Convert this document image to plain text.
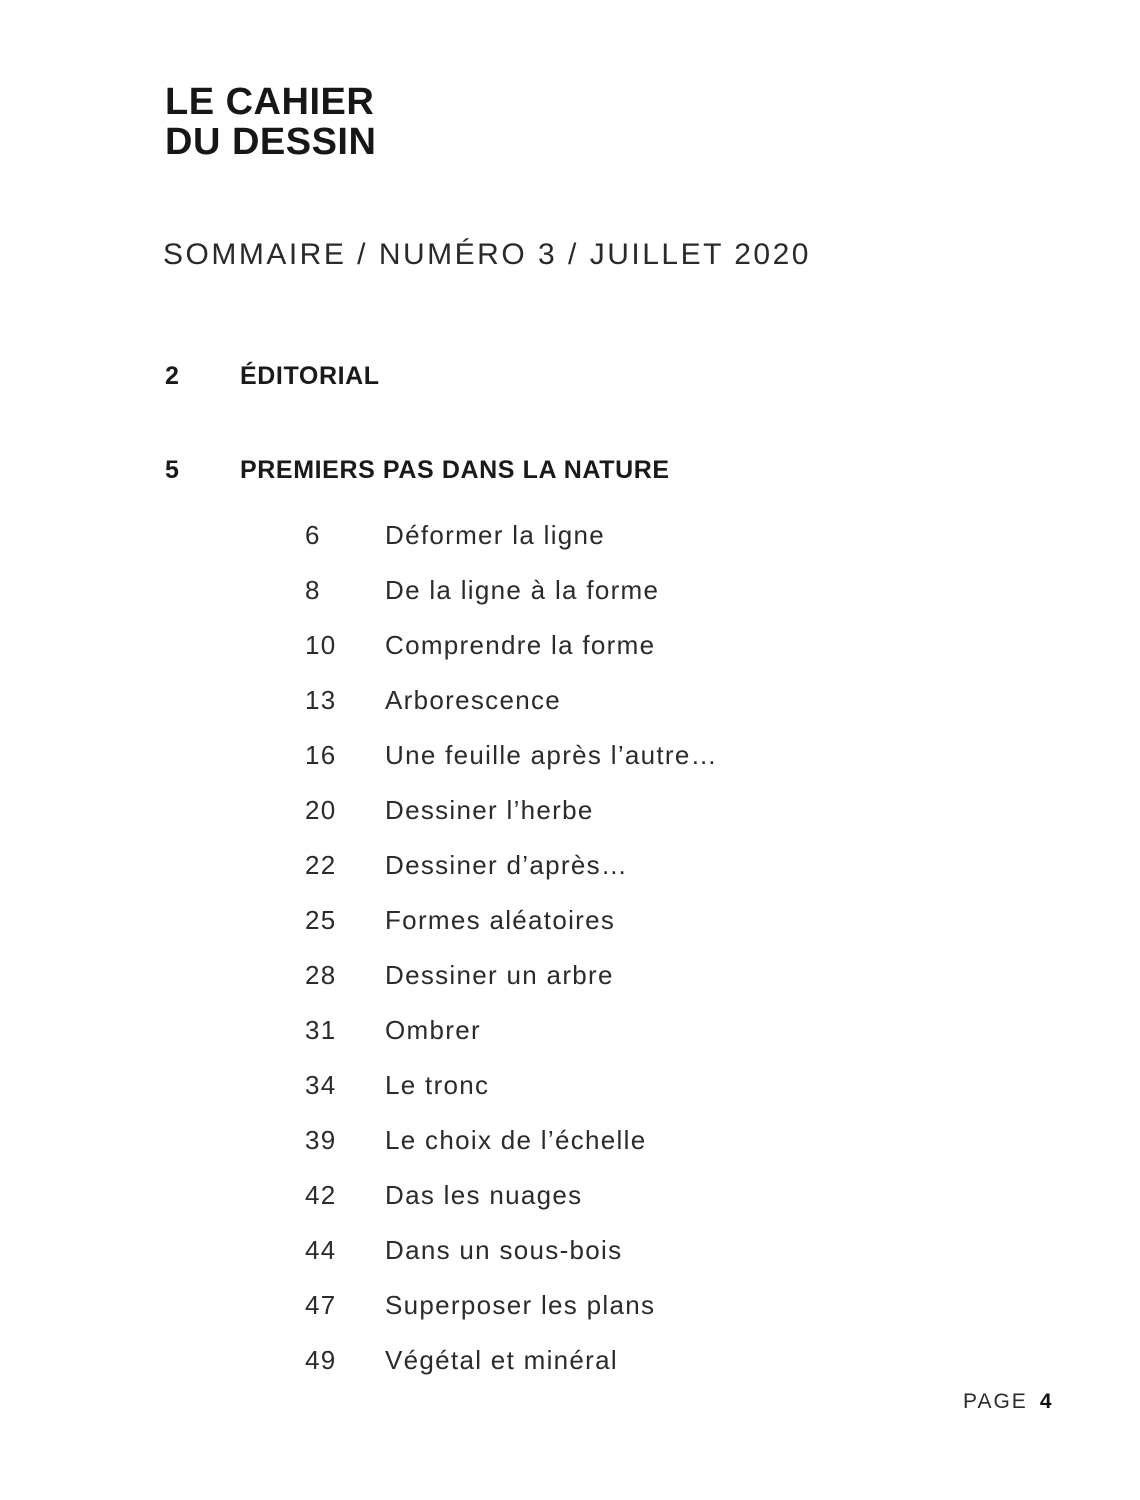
LE CAHIER
DU DESSIN
SOMMAIRE / NUMÉRO 3 / JUILLET 2020
2 ÉDITORIAL
5 PREMIERS PAS DANS LA NATURE
6 Déformer la ligne
8 De la ligne à la forme
10 Comprendre la forme
13 Arborescence
16 Une feuille après l’autre…
20 Dessiner l’herbe
22 Dessiner d’après…
25 Formes aléatoires
28 Dessiner un arbre
31 Ombrer
34 Le tronc
39 Le choix de l’échelle
42 Das les nuages
44 Dans un sous-bois
47 Superposer les plans
49 Végétal et minéral
PAGE 4
